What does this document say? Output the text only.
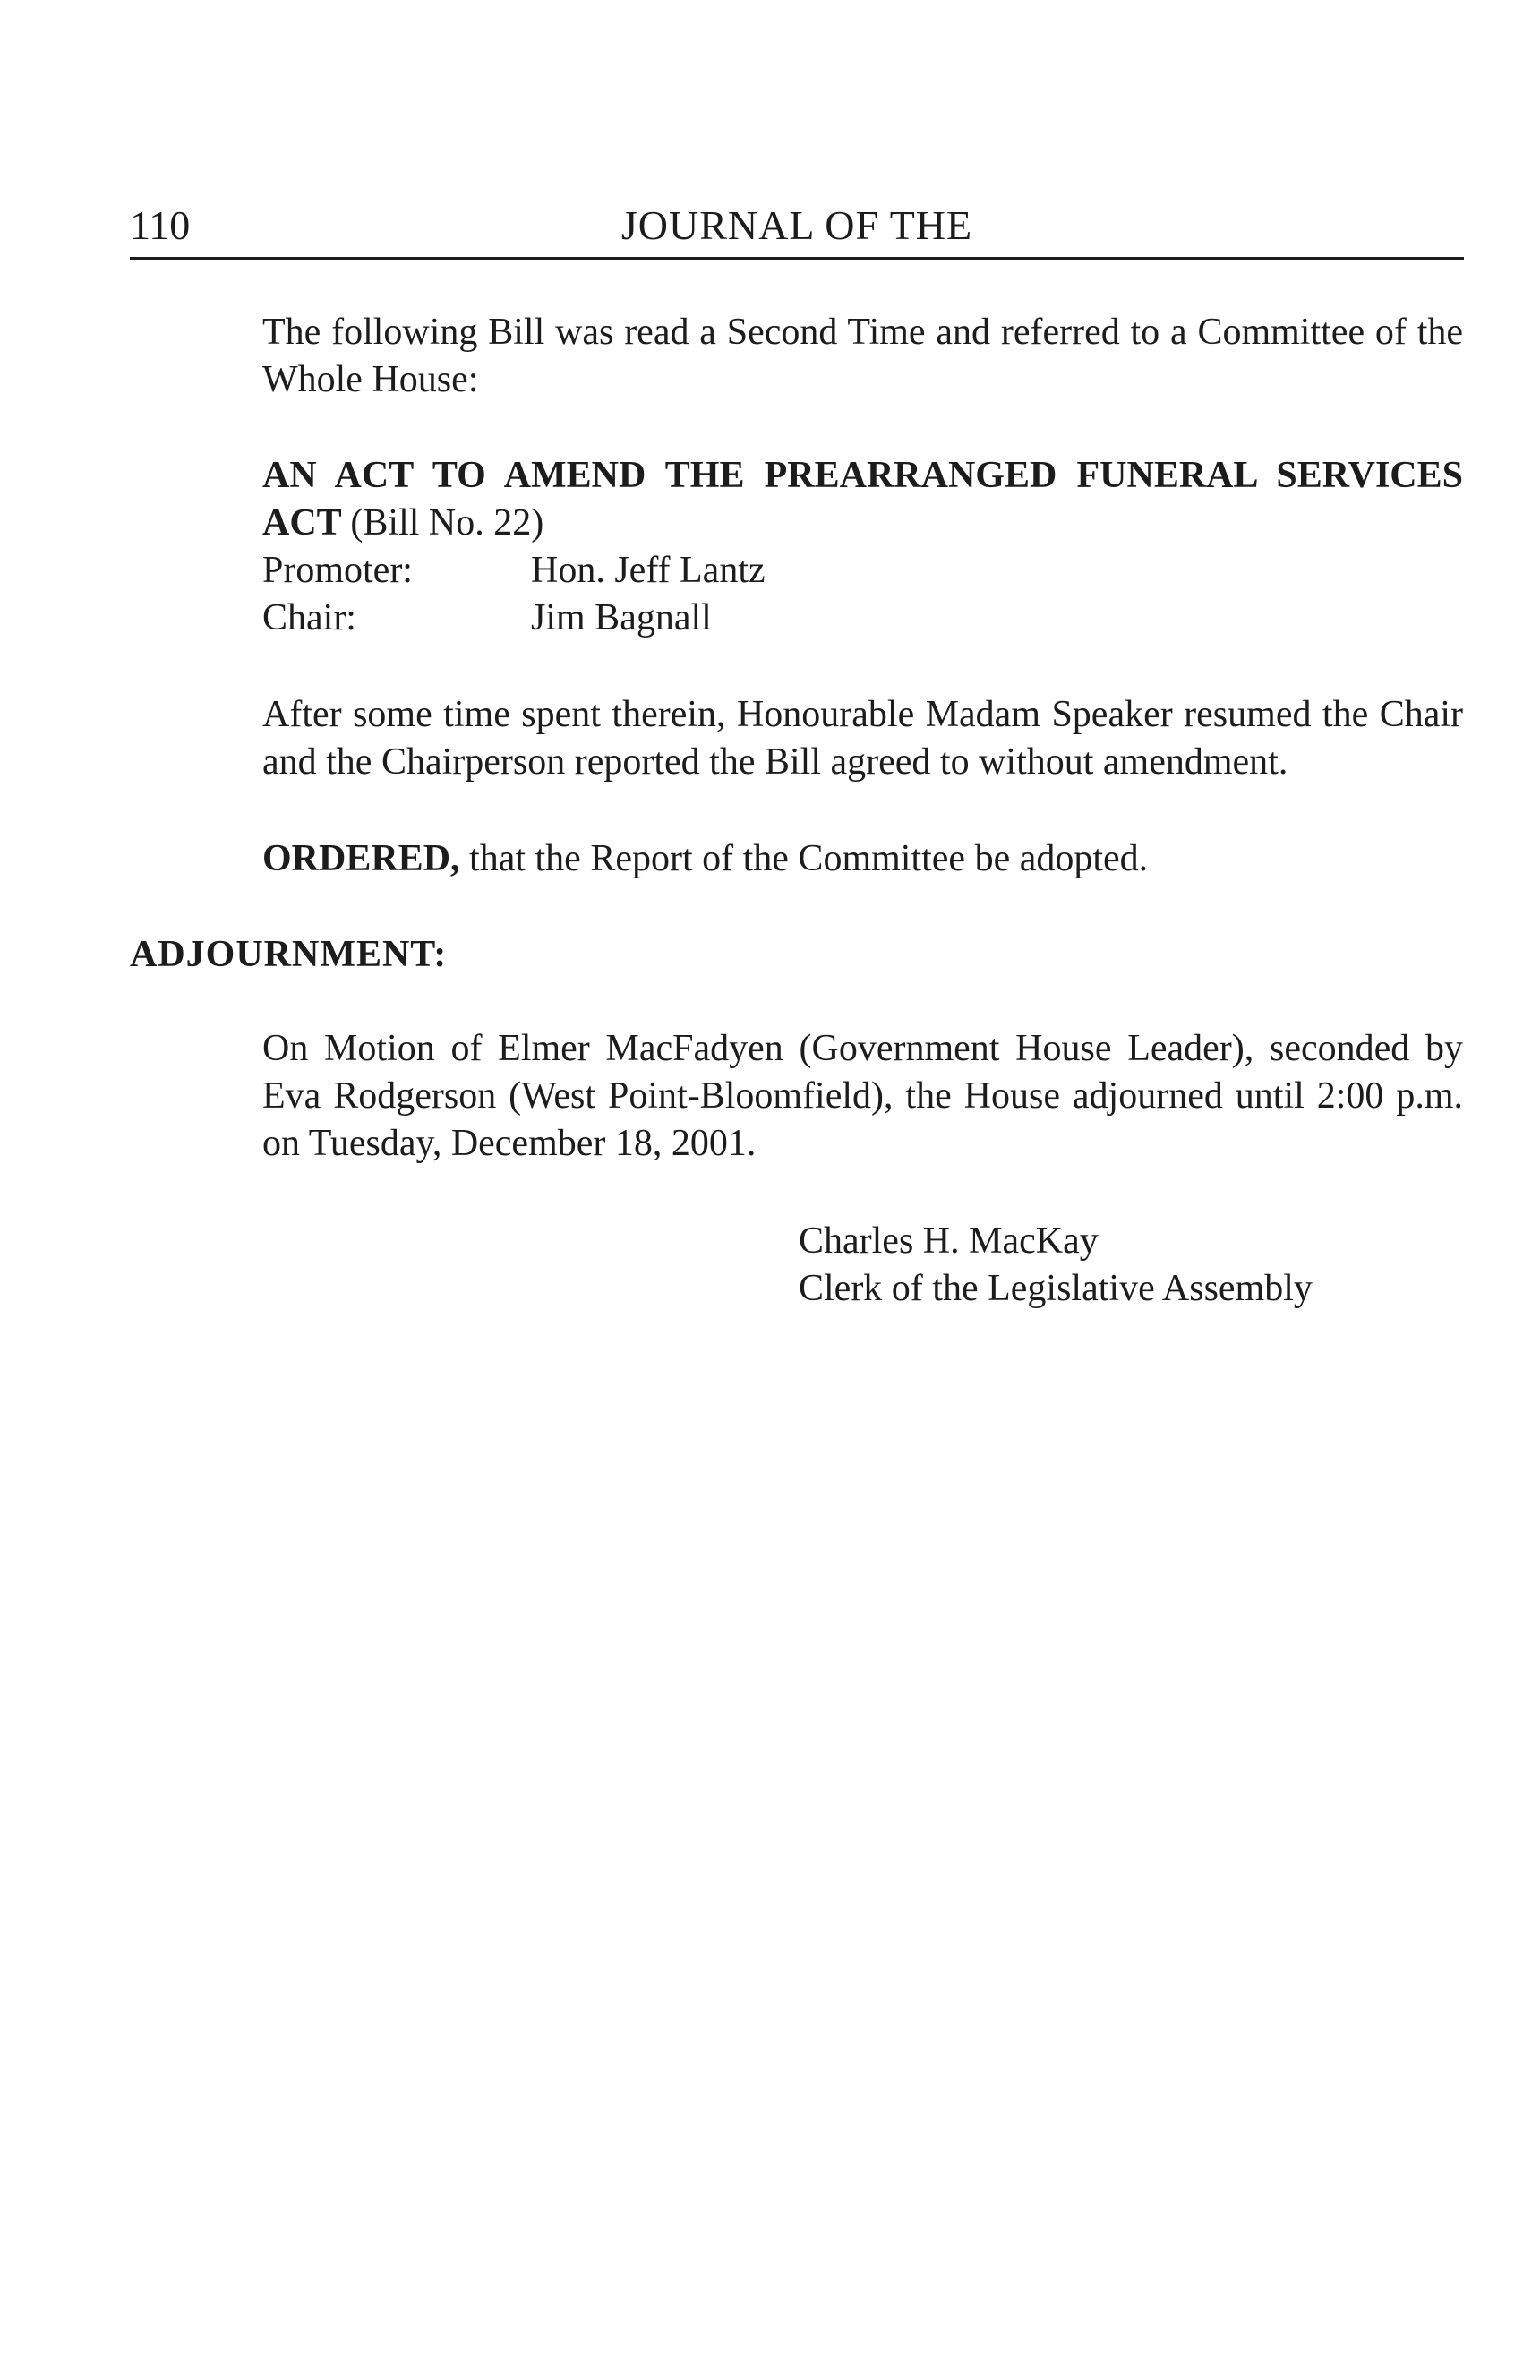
110	JOURNAL OF THE

The following Bill was read a Second Time and referred to a Committee of the Whole House:

AN ACT TO AMEND THE PREARRANGED FUNERAL SERVICES ACT (Bill No. 22)

Promoter:	Hon. Jeff Lantz
Chair:	Jim Bagnall

After some time spent therein, Honourable Madam Speaker resumed the Chair and the Chairperson reported the Bill agreed to without amendment.

ORDERED, that the Report of the Committee be adopted.

ADJOURNMENT:

On Motion of Elmer MacFadyen (Government House Leader), seconded by Eva Rodgerson (West Point-Bloomfield), the House adjourned until 2:00 p.m. on Tuesday, December 18, 2001.

Charles H. MacKay
Clerk of the Legislative Assembly
